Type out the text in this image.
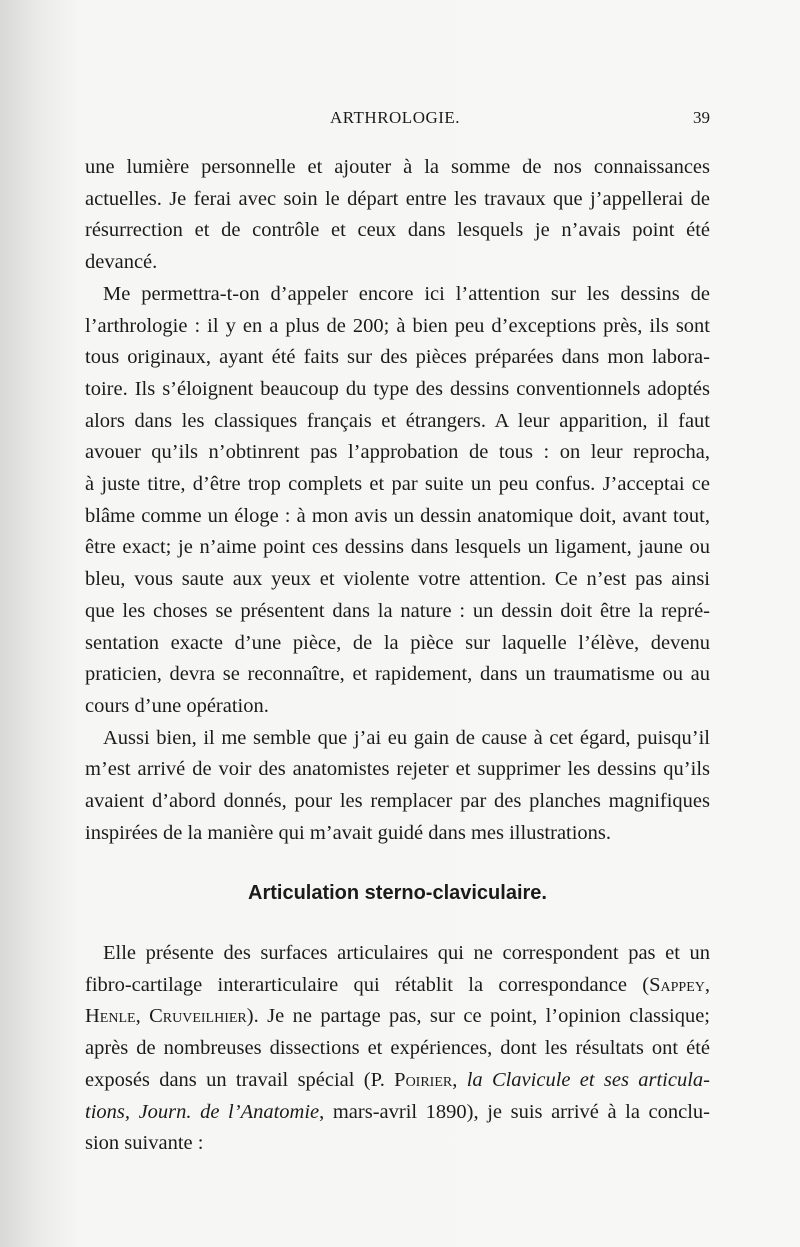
ARTHROLOGIE.	39

une lumière personnelle et ajouter à la somme de nos connaissances
actuelles. Je ferai avec soin le départ entre les travaux que j’appellerai de
résurrection et de contrôle et ceux dans lesquels je n’avais point été
devancé.

Me permettra-t-on d’appeler encore ici l’attention sur les dessins de
l’arthrologie : il y en a plus de 200; à bien peu d’exceptions près, ils sont
tous originaux, ayant été faits sur des pièces préparées dans mon labora-
toire. Ils s’éloignent beaucoup du type des dessins conventionnels adoptés
alors dans les classiques français et étrangers. A leur apparition, il faut
avouer qu’ils n’obtinrent pas l’approbation de tous : on leur reprocha,
à juste titre, d’être trop complets et par suite un peu confus. J’acceptai ce
blâme comme un éloge : à mon avis un dessin anatomique doit, avant tout,
être exact; je n’aime point ces dessins dans lesquels un ligament, jaune ou
bleu, vous saute aux yeux et violente votre attention. Ce n’est pas ainsi
que les choses se présentent dans la nature : un dessin doit être la repré-
sentation exacte d’une pièce, de la pièce sur laquelle l’élève, devenu
praticien, devra se reconnaître, et rapidement, dans un traumatisme ou au
cours d’une opération.

Aussi bien, il me semble que j’ai eu gain de cause à cet égard, puisqu’il
m’est arrivé de voir des anatomistes rejeter et supprimer les dessins qu’ils
avaient d’abord donnés, pour les remplacer par des planches magnifiques
inspirées de la manière qui m’avait guidé dans mes illustrations.

Articulation sterno-claviculaire.

Elle présente des surfaces articulaires qui ne correspondent pas et un
fibro-cartilage interarticulaire qui rétablit la correspondance (Sappey,
Henle, Cruveilhier). Je ne partage pas, sur ce point, l’opinion classique;
après de nombreuses dissections et expériences, dont les résultats ont été
exposés dans un travail spécial (P. Poirier, la Clavicule et ses articula-
tions, Journ. de l’Anatomie, mars-avril 1890), je suis arrivé à la conclu-
sion suivante :
